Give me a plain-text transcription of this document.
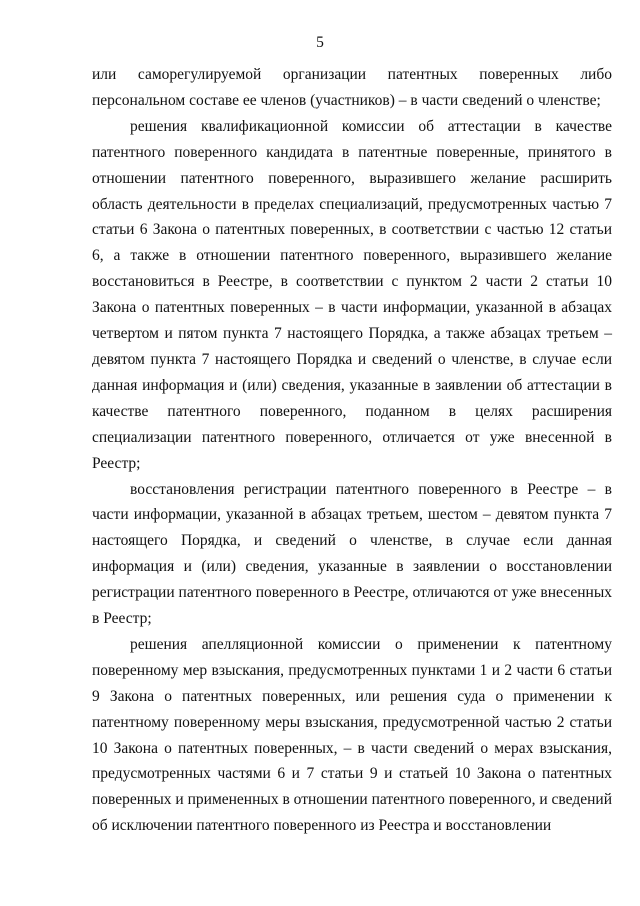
5

или саморегулируемой организации патентных поверенных либо персональном составе ее членов (участников) – в части сведений о членстве;

решения квалификационной комиссии об аттестации в качестве патентного поверенного кандидата в патентные поверенные, принятого в отношении патентного поверенного, выразившего желание расширить область деятельности в пределах специализаций, предусмотренных частью 7 статьи 6 Закона о патентных поверенных, в соответствии с частью 12 статьи 6, а также в отношении патентного поверенного, выразившего желание восстановиться в Реестре, в соответствии с пунктом 2 части 2 статьи 10 Закона о патентных поверенных – в части информации, указанной в абзацах четвертом и пятом пункта 7 настоящего Порядка, а также абзацах третьем – девятом пункта 7 настоящего Порядка и сведений о членстве, в случае если данная информация и (или) сведения, указанные в заявлении об аттестации в качестве патентного поверенного, поданном в целях расширения специализации патентного поверенного, отличается от уже внесенной в Реестр;

восстановления регистрации патентного поверенного в Реестре – в части информации, указанной в абзацах третьем, шестом – девятом пункта 7 настоящего Порядка, и сведений о членстве, в случае если данная информация и (или) сведения, указанные в заявлении о восстановлении регистрации патентного поверенного в Реестре, отличаются от уже внесенных в Реестр;

решения апелляционной комиссии о применении к патентному поверенному мер взыскания, предусмотренных пунктами 1 и 2 части 6 статьи 9 Закона о патентных поверенных, или решения суда о применении к патентному поверенному меры взыскания, предусмотренной частью 2 статьи 10 Закона о патентных поверенных, – в части сведений о мерах взыскания, предусмотренных частями 6 и 7 статьи 9 и статьей 10 Закона о патентных поверенных и примененных в отношении патентного поверенного, и сведений об исключении патентного поверенного из Реестра и восстановлении
